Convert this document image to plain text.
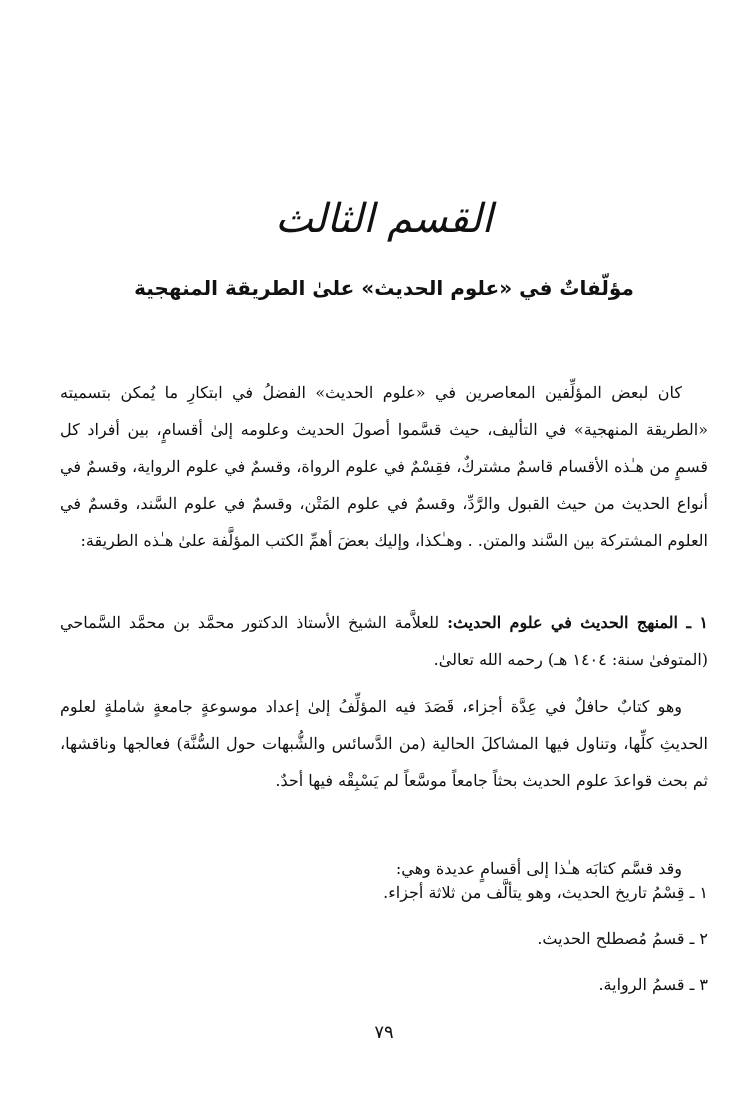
القسم الثالث
مؤلّفاتٌ في «علوم الحديث» علىٰ الطريقة المنهجية

كان لبعض المؤلِّفين المعاصرين في «علوم الحديث» الفضلُ في ابتكارِ ما يُمكن بتسميته «الطريقة المنهجية» في التأليف، حيث قسَّموا أصولَ الحديث وعلومه إلىٰ أقسامٍ، بين أفراد كل قسمٍ من هـٰذه الأقسام قاسمٌ مشتركٌ، فقِسْمٌ في علوم الرواة، وقسمٌ في علوم الرواية، وقسمٌ في أنواع الحديث من حيث القبول والرَّدِّ، وقسمٌ في علوم المَتْن، وقسمٌ في علوم السَّند، وقسمٌ في العلوم المشتركة بين السَّند والمتن. . وهـٰكذا، وإليك بعضَ أهمِّ الكتب المؤلَّفة علىٰ هـٰذه الطريقة:

١ ـ المنهج الحديث في علوم الحديث: للعلاَّمة الشيخ الأستاذ الدكتور محمَّد بن محمَّد السَّماحي (المتوفىٰ سنة: ١٤٠٤ هـ) رحمه الله تعالىٰ.

وهو كتابٌ حافلٌ في عِدَّة أجزاء، قَصَدَ فيه المؤلِّفُ إلىٰ إعداد موسوعةٍ جامعةٍ شاملةٍ لعلوم الحديثِ كلِّها، وتناول فيها المشاكلَ الحالية (من الدَّسائس والشُّبهات حول السُّنَّة) فعالجها وناقشها، ثم بحث قواعدَ علوم الحديث بحثاً جامعاً موسَّعاً لم يَسْبِقْه فيها أحدٌ.

وقد قسَّم كتابَه هـٰذا إلى أقسامٍ عديدة وهي:

١ ـ قِسْمُ تاريخ الحديث، وهو يتألَّف من ثلاثة أجزاء.
٢ ـ قسمُ مُصطلح الحديث.
٣ ـ قسمُ الرواية.
٧٩
